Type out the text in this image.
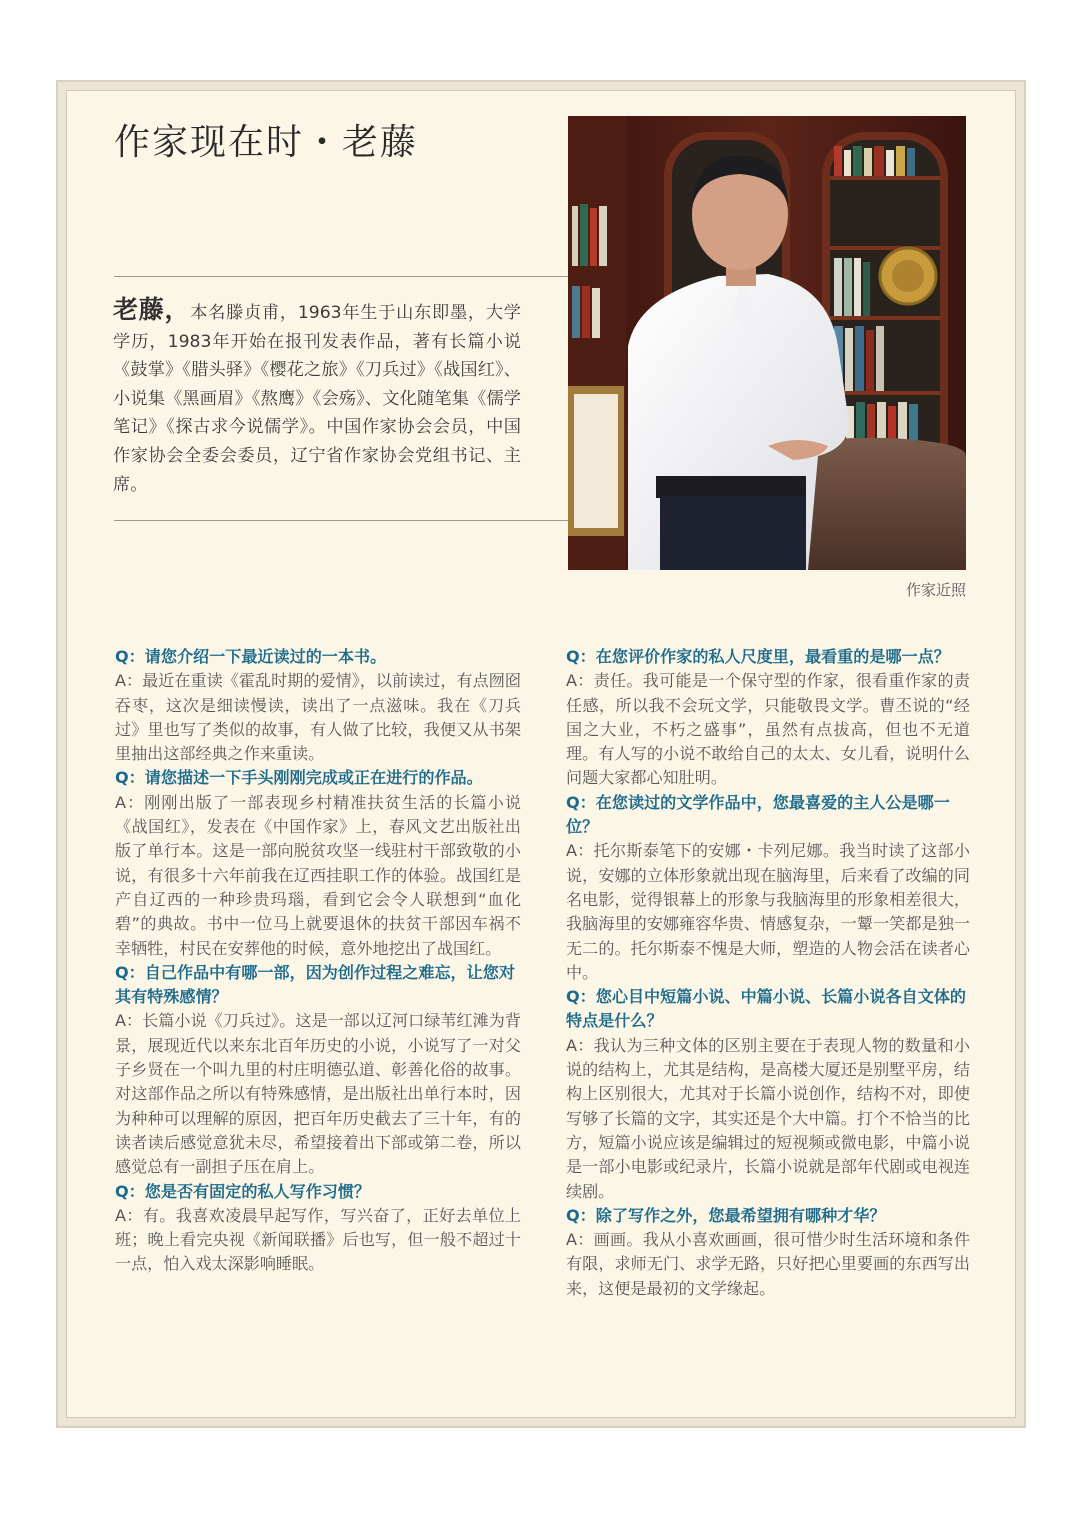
作家现在时・老藤
老藤，本名滕贞甫，1963年生于山东即墨，大学学历，1983年开始在报刊发表作品，著有长篇小说《鼓掌》《腊头驿》《樱花之旅》《刀兵过》《战国红》、小说集《黑画眉》《熬鹰》《会殇》、文化随笔集《儒学笔记》《探古求今说儒学》。中国作家协会会员，中国作家协会全委会委员，辽宁省作家协会党组书记、主席。
作家近照

Q：请您介绍一下最近读过的一本书。

A：最近在重读《霍乱时期的爱情》，以前读过，有点囫囵吞枣，这次是细读慢读，读出了一点滋味。我在《刀兵过》里也写了类似的故事，有人做了比较，我便又从书架里抽出这部经典之作来重读。

Q：请您描述一下手头刚刚完成或正在进行的作品。

A：刚刚出版了一部表现乡村精准扶贫生活的长篇小说《战国红》，发表在《中国作家》上，春风文艺出版社出版了单行本。这是一部向脱贫攻坚一线驻村干部致敬的小说，有很多十六年前我在辽西挂职工作的体验。战国红是产自辽西的一种珍贵玛瑙，看到它会令人联想到“血化碧”的典故。书中一位马上就要退休的扶贫干部因车祸不幸牺牲，村民在安葬他的时候，意外地挖出了战国红。

Q：自己作品中有哪一部，因为创作过程之难忘，让您对其有特殊感情？

A：长篇小说《刀兵过》。这是一部以辽河口绿苇红滩为背景，展现近代以来东北百年历史的小说，小说写了一对父子乡贤在一个叫九里的村庄明德弘道、彰善化俗的故事。对这部作品之所以有特殊感情，是出版社出单行本时，因为种种可以理解的原因，把百年历史截去了三十年，有的读者读后感觉意犹未尽，希望接着出下部或第二卷，所以感觉总有一副担子压在肩上。

Q：您是否有固定的私人写作习惯？

A：有。我喜欢凌晨早起写作，写兴奋了，正好去单位上班；晚上看完央视《新闻联播》后也写，但一般不超过十一点，怕入戏太深影响睡眠。

Q：在您评价作家的私人尺度里，最看重的是哪一点？

A：责任。我可能是一个保守型的作家，很看重作家的责任感，所以我不会玩文学，只能敬畏文学。曹丕说的“经国之大业，不朽之盛事”，虽然有点拔高，但也不无道理。有人写的小说不敢给自己的太太、女儿看，说明什么问题大家都心知肚明。

Q：在您读过的文学作品中，您最喜爱的主人公是哪一位？

A：托尔斯泰笔下的安娜・卡列尼娜。我当时读了这部小说，安娜的立体形象就出现在脑海里，后来看了改编的同名电影，觉得银幕上的形象与我脑海里的形象相差很大，我脑海里的安娜雍容华贵、情感复杂，一颦一笑都是独一无二的。托尔斯泰不愧是大师，塑造的人物会活在读者心中。

Q：您心目中短篇小说、中篇小说、长篇小说各自文体的特点是什么？

A：我认为三种文体的区别主要在于表现人物的数量和小说的结构上，尤其是结构，是高楼大厦还是别墅平房，结构上区别很大，尤其对于长篇小说创作，结构不对，即使写够了长篇的文字，其实还是个大中篇。打个不恰当的比方，短篇小说应该是编辑过的短视频或微电影，中篇小说是一部小电影或纪录片，长篇小说就是部年代剧或电视连续剧。

Q：除了写作之外，您最希望拥有哪种才华？

A：画画。我从小喜欢画画，很可惜少时生活环境和条件有限，求师无门、求学无路，只好把心里要画的东西写出来，这便是最初的文学缘起。
